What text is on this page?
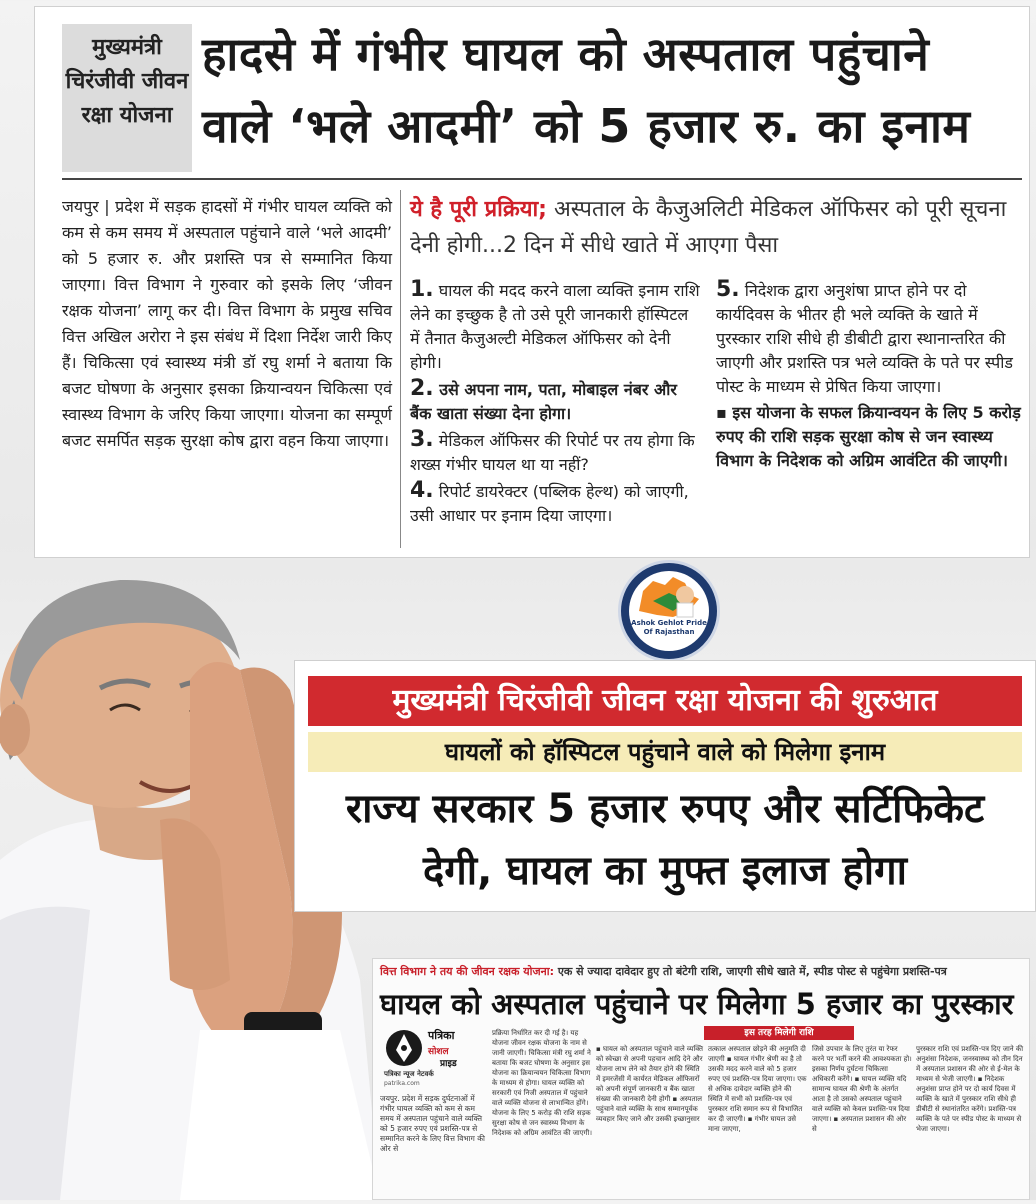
मुख्यमंत्री चिरंजीवी जीवन रक्षा योजना
हादसे में गंभीर घायल को अस्पताल पहुंचाने
वाले ‘भले आदमी’ को 5 हजार रु. का इनाम
जयपुर | प्रदेश में सड़क हादसों में गंभीर घायल व्यक्ति को कम से कम समय में अस्पताल पहुंचाने वाले ‘भले आदमी’ को 5 हजार रु. और प्रशस्ति पत्र से सम्मानित किया जाएगा। वित्त विभाग ने गुरुवार को इसके लिए ‘जीवन रक्षक योजना’ लागू कर दी। वित्त विभाग के प्रमुख सचिव वित्त अखिल अरोरा ने इस संबंध में दिशा निर्देश जारी किए हैं। चिकित्सा एवं स्वास्थ्य मंत्री डॉ रघु शर्मा ने बताया कि बजट घोषणा के अनुसार इसका क्रियान्वयन चिकित्सा एवं स्वास्थ्य विभाग के जरिए किया जाएगा। योजना का सम्पूर्ण बजट समर्पित सड़क सुरक्षा कोष द्वारा वहन किया जाएगा।
ये है पूरी प्रक्रिया; अस्पताल के कैजुअलिटी मेडिकल ऑफिसर को पूरी सूचना देनी होगी...2 दिन में सीधे खाते में आएगा पैसा
1. घायल की मदद करने वाला व्यक्ति इनाम राशि लेने का इच्छुक है तो उसे पूरी जानकारी हॉस्पिटल में तैनात कैजुअल्टी मेडिकल ऑफिसर को देनी होगी।
2. उसे अपना नाम, पता, मोबाइल नंबर और बैंक खाता संख्या देना होगा।
3. मेडिकल ऑफिसर की रिपोर्ट पर तय होगा कि शख्स गंभीर घायल था या नहीं?
4. रिपोर्ट डायरेक्टर (पब्लिक हेल्थ) को जाएगी, उसी आधार पर इनाम दिया जाएगा।
5. निदेशक द्वारा अनुशंषा प्राप्त होने पर दो कार्यदिवस के भीतर ही भले व्यक्ति के खाते में पुरस्कार राशि सीधे ही डीबीटी द्वारा स्थानान्तरित की जाएगी और प्रशस्ति पत्र भले व्यक्ति के पते पर स्पीड पोस्ट के माध्यम से प्रेषित किया जाएगा।
▪ इस योजना के सफल क्रियान्वयन के लिए 5 करोड़ रुपए की राशि सड़क सुरक्षा कोष से जन स्वास्थ्य विभाग के निदेशक को अग्रिम आवंटित की जाएगी।
Ashok Gehlot Pride Of Rajasthan
मुख्यमंत्री चिरंजीवी जीवन रक्षा योजना की शुरुआत
घायलों को हॉस्पिटल पहुंचाने वाले को मिलेगा इनाम
राज्य सरकार 5 हजार रुपए और सर्टिफिकेट
देगी, घायल का मुफ्त इलाज होगा
वित्त विभाग ने तय की जीवन रक्षक योजना: एक से ज्यादा दावेदार हुए तो बंटेगी राशि, जाएगी सीधे खाते में, स्पीड पोस्ट से पहुंचेगा प्रशस्ति-पत्र
घायल को अस्पताल पहुंचाने पर मिलेगा 5 हजार का पुरस्कार
पत्रिका
सोशल
प्राइड
पत्रिका न्यूज नेटवर्क
patrika.com
जयपुर. प्रदेश में सड़क दुर्घटनाओं में गंभीर घायल व्यक्ति को कम से कम समय में अस्पताल पहुंचाने वाले व्यक्ति को 5 हजार रुपए एवं प्रशस्ति-पत्र से सम्मानित करने के लिए वित्त विभाग की ओर से
प्रक्रिया निर्धारित कर दी गई है। यह योजना जीवन रक्षक योजना के नाम से जानी जाएगी। चिकित्सा मंत्री रघु शर्मा ने बताया कि बजट घोषणा के अनुसार इस योजना का क्रियान्वयन चिकित्सा विभाग के माध्यम से होगा। घायल व्यक्ति को सरकारी एवं निजी अस्पताल में पहुंचाने वाले व्यक्ति योजना से लाभान्वित होंगे। योजना के लिए 5 करोड़ की राशि सड़क सुरक्षा कोष से जन स्वास्थ्य विभाग के निदेशक को अग्रिम आवंटित की जाएगी।
इस तरह मिलेगी राशि
▪ घायल को अस्पताल पहुंचाने वाले व्यक्ति को स्वेच्छा से अपनी पहचान आदि देने और योजना लाभ लेने को तैयार होने की स्थिति में इमरजेंसी में कार्यरत मेडिकल ऑफिसरों को अपनी संपूर्ण जानकारी व बैंक खाता संख्या की जानकारी देनी होगी ▪ अस्पताल पहुंचाने वाले व्यक्ति के साथ सम्मानपूर्वक व्यवहार किए जाने और उसकी इच्छानुसार
तत्काल अस्पताल छोड़ने की अनुमति दी जाएगी ▪ घायल गंभीर श्रेणी का है तो उसकी मदद करने वाले को 5 हजार रुपए एवं प्रशस्ति-पत्र दिया जाएगा। एक से अधिक दावेदार व्यक्ति होने की स्थिति में सभी को प्रशस्ति-पत्र एवं पुरस्कार राशि समान रूप से विभाजित कर दी जाएगी। ▪ गंभीर घायल उसे माना जाएगा,
जिसे उपचार के लिए तुरंत या रेफर करने पर भर्ती करने की आवश्यकता हो। इसका निर्णय दुर्घटना चिकित्सा अधिकारी करेंगे। ▪ घायल व्यक्ति यदि सामान्य घायल की श्रेणी के अंतर्गत आता है तो उसको अस्पताल पहुंचाने वाले व्यक्ति को केवल प्रशस्ति-पत्र दिया जाएगा। ▪ अस्पताल प्रशासन की ओर से
पुरस्कार राशि एवं प्रशस्ति-पत्र दिए जाने की अनुशंसा निदेशक, जनस्वास्थ्य को तीन दिन में अस्पताल प्रशासन की ओर से ई-मेल के माध्यम से भेजी जाएगी। ▪ निदेशक अनुशंसा प्राप्त होने पर दो कार्य दिवस में व्यक्ति के खाते में पुरस्कार राशि सीधे ही डीबीटी से स्थानांतरित करेंगे। प्रशस्ति-पत्र व्यक्ति के पते पर स्पीड पोस्ट के माध्यम से भेजा जाएगा।
